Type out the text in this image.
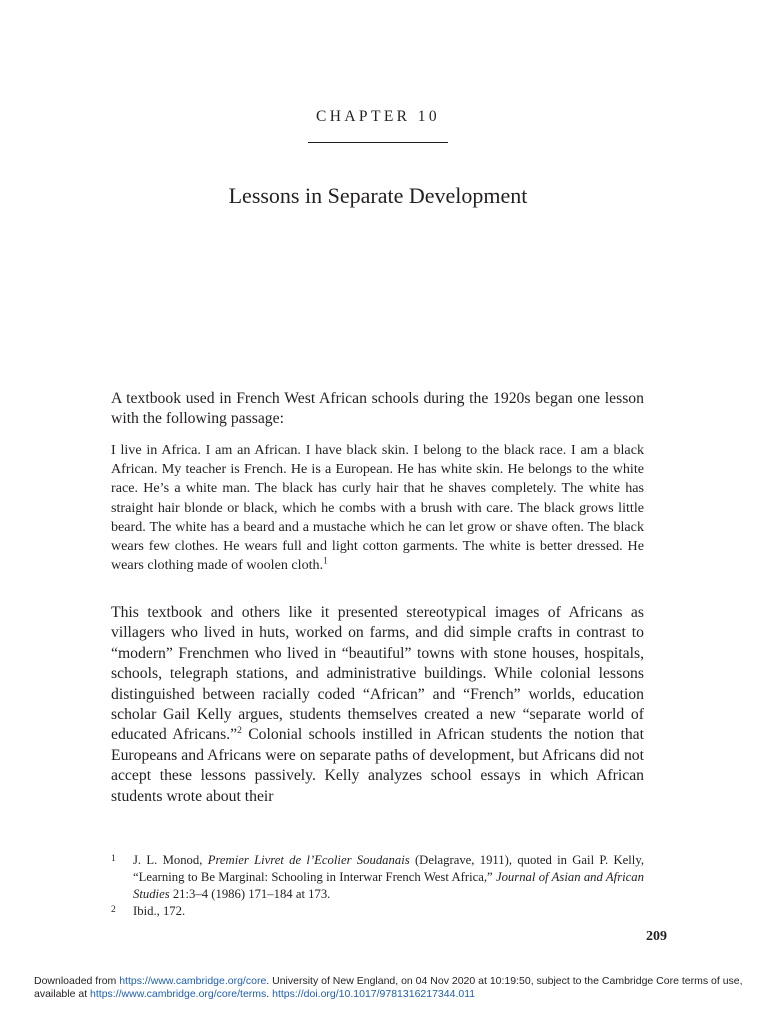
CHAPTER 10
Lessons in Separate Development

A textbook used in French West African schools during the 1920s began one lesson with the following passage:

I live in Africa. I am an African. I have black skin. I belong to the black race. I am a black African. My teacher is French. He is a European. He has white skin. He belongs to the white race. He’s a white man. The black has curly hair that he shaves completely. The white has straight hair blonde or black, which he combs with a brush with care. The black grows little beard. The white has a beard and a mustache which he can let grow or shave often. The black wears few clothes. He wears full and light cotton garments. The white is better dressed. He wears clothing made of woolen cloth.$^1$

This textbook and others like it presented stereotypical images of Africans as villagers who lived in huts, worked on farms, and did simple crafts in contrast to “modern” Frenchmen who lived in “beautiful” towns with stone houses, hospitals, schools, telegraph stations, and administrative buildings. While colonial lessons distinguished between racially coded “African” and “French” worlds, education scholar Gail Kelly argues, students themselves created a new “separate world of educated Africans.”$^2$ Colonial schools instilled in African students the notion that Europeans and Africans were on separate paths of development, but Africans did not accept these lessons passively. Kelly analyzes school essays in which African students wrote about their

1 J. L. Monod, Premier Livret de l’Ecolier Soudanais (Delagrave, 1911), quoted in Gail P. Kelly, “Learning to Be Marginal: Schooling in Interwar French West Africa,” Journal of Asian and African Studies 21:3–4 (1986) 171–184 at 173.
2 Ibid., 172.
209
Downloaded from https://www.cambridge.org/core. University of New England, on 04 Nov 2020 at 10:19:50, subject to the Cambridge Core terms of use, available at https://www.cambridge.org/core/terms. https://doi.org/10.1017/9781316217344.011
